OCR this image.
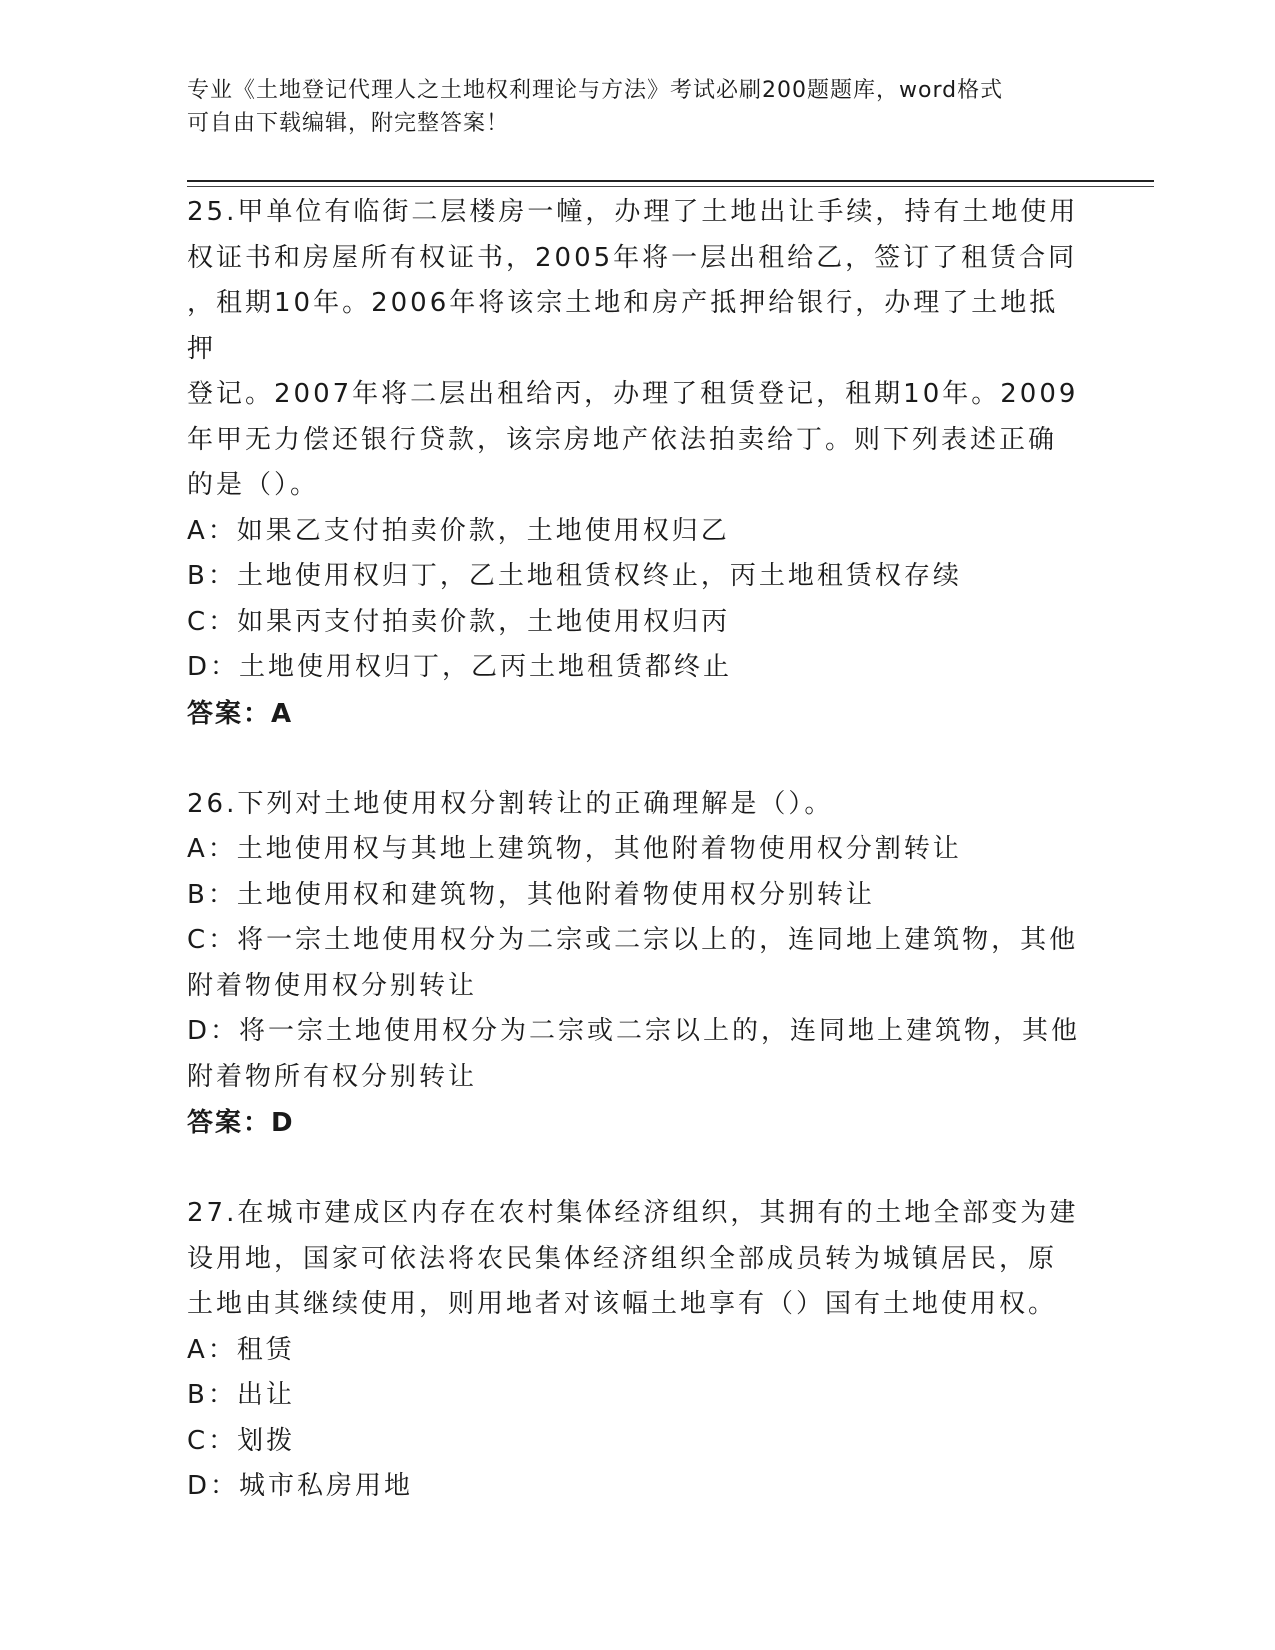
专业《土地登记代理人之土地权利理论与方法》考试必刷200题题库，word格式
可自由下载编辑，附完整答案！
25.甲单位有临街二层楼房一幢，办理了土地出让手续，持有土地使用
权证书和房屋所有权证书，2005年将一层出租给乙，签订了租赁合同
，租期10年。2006年将该宗土地和房产抵押给银行，办理了土地抵押
登记。2007年将二层出租给丙，办理了租赁登记，租期10年。2009
年甲无力偿还银行贷款，该宗房地产依法拍卖给丁。则下列表述正确
的是（）。
A：如果乙支付拍卖价款，土地使用权归乙
B：土地使用权归丁，乙土地租赁权终止，丙土地租赁权存续
C：如果丙支付拍卖价款，土地使用权归丙
D：土地使用权归丁，乙丙土地租赁都终止
答案：A
26.下列对土地使用权分割转让的正确理解是（）。
A：土地使用权与其地上建筑物，其他附着物使用权分割转让
B：土地使用权和建筑物，其他附着物使用权分别转让
C：将一宗土地使用权分为二宗或二宗以上的，连同地上建筑物，其他
附着物使用权分别转让
D：将一宗土地使用权分为二宗或二宗以上的，连同地上建筑物，其他
附着物所有权分别转让
答案：D
27.在城市建成区内存在农村集体经济组织，其拥有的土地全部变为建
设用地，国家可依法将农民集体经济组织全部成员转为城镇居民，原
土地由其继续使用，则用地者对该幅土地享有（）国有土地使用权。
A：租赁
B：出让
C：划拨
D：城市私房用地
